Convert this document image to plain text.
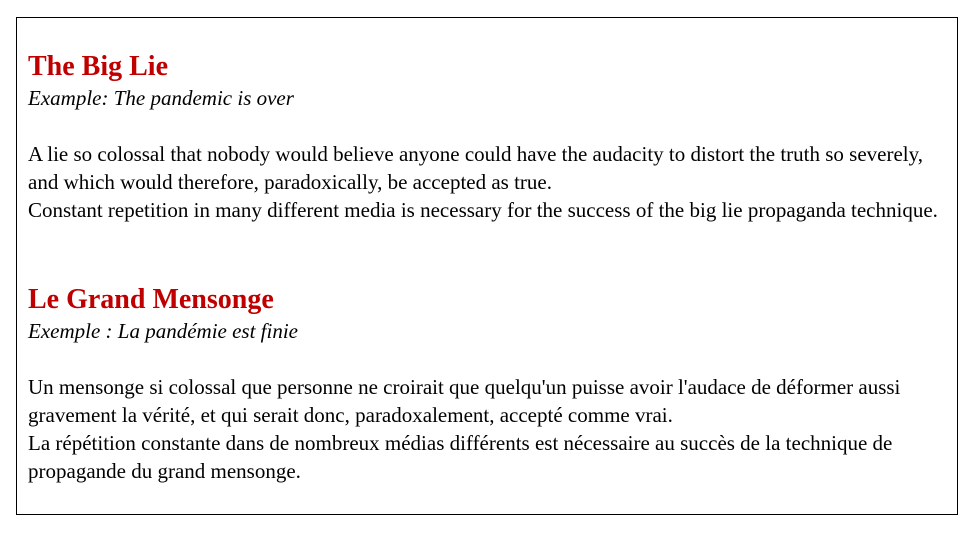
The Big Lie

Example: The pandemic is over

A lie so colossal that nobody would believe anyone could have the audacity to distort the truth so severely, and which would therefore, paradoxically, be accepted as true.

Constant repetition in many different media is necessary for the success of the big lie propaganda technique.

Le Grand Mensonge

Exemple : La pandémie est finie

Un mensonge si colossal que personne ne croirait que quelqu'un puisse avoir l'audace de déformer aussi gravement la vérité, et qui serait donc, paradoxalement, accepté comme vrai.

La répétition constante dans de nombreux médias différents est nécessaire au succès de la technique de propagande du grand mensonge.
